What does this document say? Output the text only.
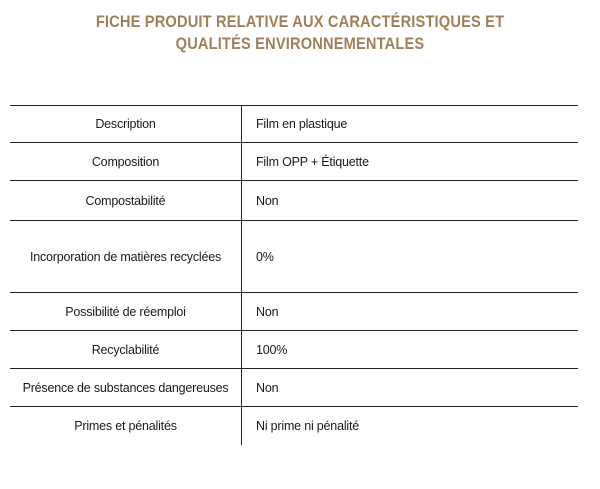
FICHE PRODUIT RELATIVE AUX CARACTÉRISTIQUES ET
QUALITÉS ENVIRONNEMENTALES
Description	Film en plastique
Composition	Film OPP + Étiquette
Compostabilité	Non
Incorporation de matières recyclées	0%
Possibilité de réemploi	Non
Recyclabilité	100%
Présence de substances dangereuses	Non
Primes et pénalités	Ni prime ni pénalité
